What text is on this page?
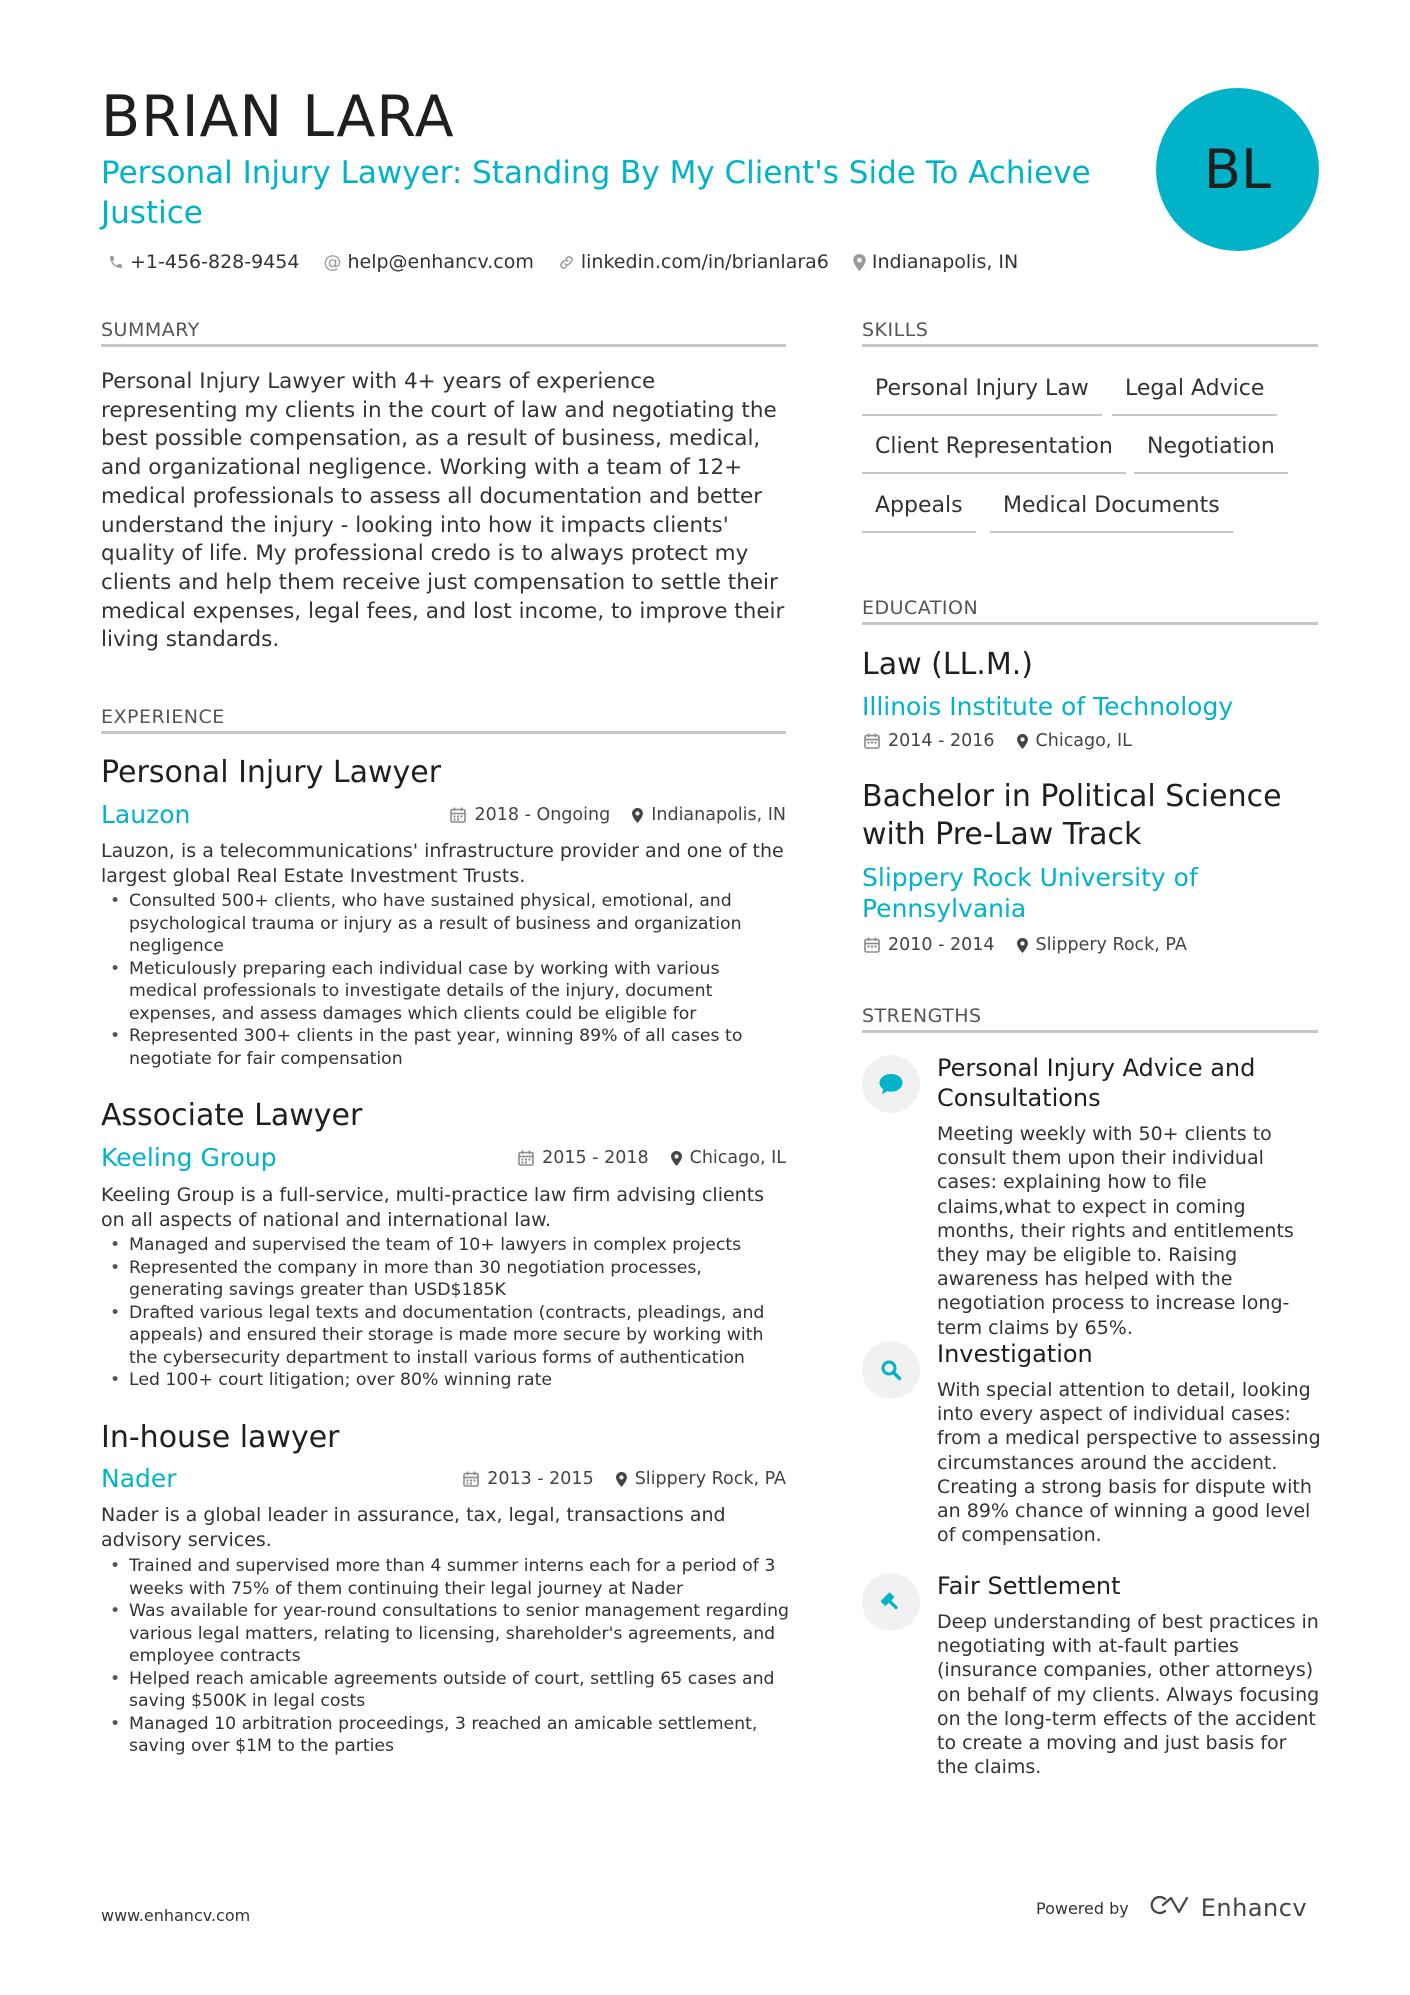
BRIAN LARA
Personal Injury Lawyer: Standing By My Client's Side To Achieve Justice
BL
+1-456-828-9454 @ help@enhancv.com linkedin.com/in/brianlara6 Indianapolis, IN
SUMMARY

Personal Injury Lawyer with 4+ years of experience representing my clients in the court of law and negotiating the best possible compensation, as a result of business, medical, and organizational negligence. Working with a team of 12+ medical professionals to assess all documentation and better understand the injury - looking into how it impacts clients' quality of life. My professional credo is to always protect my clients and help them receive just compensation to settle their medical expenses, legal fees, and lost income, to improve their living standards.

EXPERIENCE
Personal Injury Lawyer
Lauzon	2018 - Ongoing Indianapolis, IN

Lauzon, is a telecommunications' infrastructure provider and one of the largest global Real Estate Investment Trusts.

• Consulted 500+ clients, who have sustained physical, emotional, and psychological trauma or injury as a result of business and organization negligence
• Meticulously preparing each individual case by working with various medical professionals to investigate details of the injury, document expenses, and assess damages which clients could be eligible for
• Represented 300+ clients in the past year, winning 89% of all cases to negotiate for fair compensation
Associate Lawyer
Keeling Group	2015 - 2018 Chicago, IL

Keeling Group is a full-service, multi-practice law firm advising clients on all aspects of national and international law.

• Managed and supervised the team of 10+ lawyers in complex projects
• Represented the company in more than 30 negotiation processes, generating savings greater than USD$185K
• Drafted various legal texts and documentation (contracts, pleadings, and appeals) and ensured their storage is made more secure by working with the cybersecurity department to install various forms of authentication
• Led 100+ court litigation; over 80% winning rate
In-house lawyer
Nader	2013 - 2015 Slippery Rock, PA

Nader is a global leader in assurance, tax, legal, transactions and advisory services.

• Trained and supervised more than 4 summer interns each for a period of 3 weeks with 75% of them continuing their legal journey at Nader
• Was available for year-round consultations to senior management regarding various legal matters, relating to licensing, shareholder's agreements, and employee contracts
• Helped reach amicable agreements outside of court, settling 65 cases and saving $500K in legal costs
• Managed 10 arbitration proceedings, 3 reached an amicable settlement, saving over $1M to the parties
SKILLS
Personal Injury Law	Legal Advice
Client Representation	Negotiation
Appeals	Medical Documents
EDUCATION
Law (LL.M.)
Illinois Institute of Technology
2014 - 2016 Chicago, IL
Bachelor in Political Science with Pre-Law Track
Slippery Rock University of Pennsylvania
2010 - 2014 Slippery Rock, PA
STRENGTHS
Personal Injury Advice and Consultations

Meeting weekly with 50+ clients to consult them upon their individual cases: explaining how to file claims,what to expect in coming months, their rights and entitlements they may be eligible to. Raising awareness has helped with the negotiation process to increase long-term claims by 65%.

Investigation

With special attention to detail, looking into every aspect of individual cases: from a medical perspective to assessing circumstances around the accident. Creating a strong basis for dispute with an 89% chance of winning a good level of compensation.

Fair Settlement

Deep understanding of best practices in negotiating with at-fault parties (insurance companies, other attorneys) on behalf of my clients. Always focusing on the long-term effects of the accident to create a moving and just basis for the claims.

www.enhancv.com	Powered by	Enhancv
